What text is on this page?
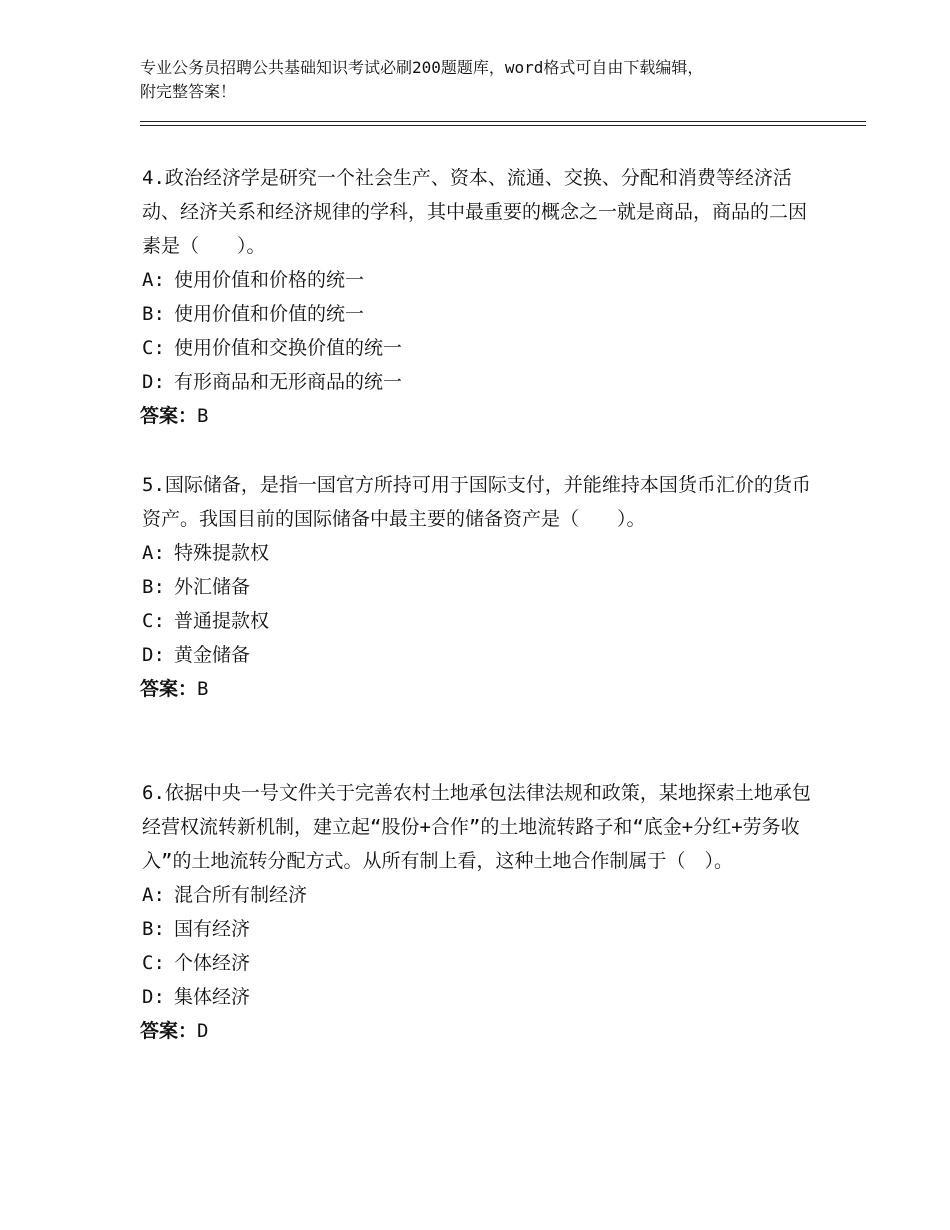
专业公务员招聘公共基础知识考试必刷200题题库，word格式可自由下载编辑，
附完整答案！

4.政治经济学是研究一个社会生产、资本、流通、交换、分配和消费等经济活动、经济关系和经济规律的学科，其中最重要的概念之一就是商品，商品的二因素是（　　）。

A: 使用价值和价格的统一

B: 使用价值和价值的统一

C: 使用价值和交换价值的统一

D: 有形商品和无形商品的统一

答案：B

5.国际储备，是指一国官方所持可用于国际支付，并能维持本国货币汇价的货币资产。我国目前的国际储备中最主要的储备资产是（　　）。

A: 特殊提款权

B: 外汇储备

C: 普通提款权

D: 黄金储备

答案：B

6.依据中央一号文件关于完善农村土地承包法律法规和政策，某地探索土地承包经营权流转新机制，建立起“股份+合作”的土地流转路子和“底金+分红+劳务收入”的土地流转分配方式。从所有制上看，这种土地合作制属于（　）。

A: 混合所有制经济

B: 国有经济

C: 个体经济

D: 集体经济

答案：D
